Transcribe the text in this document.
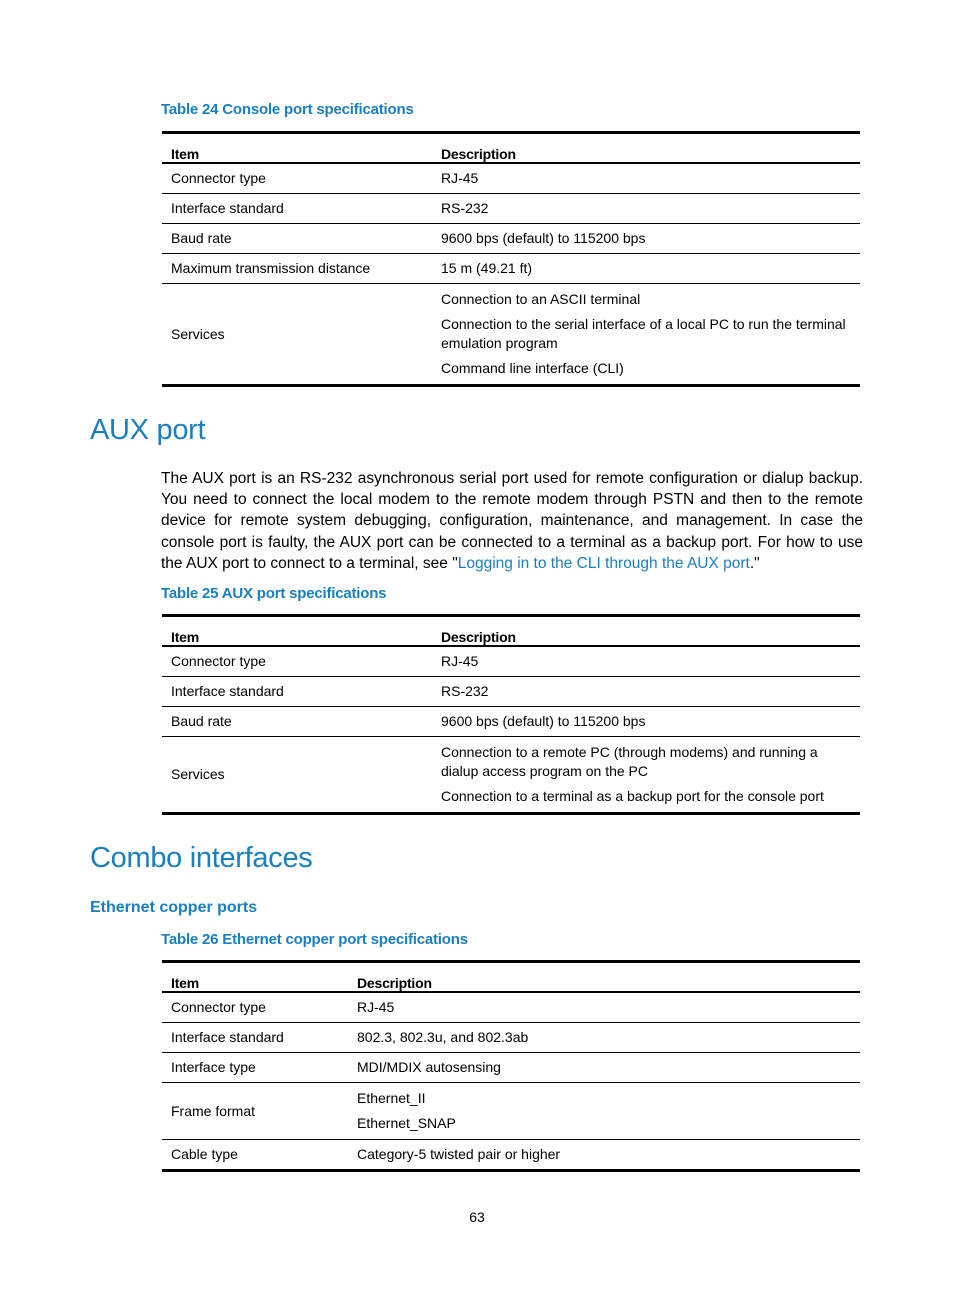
Table 24 Console port specifications
Item	Description
Connector type	RJ-45

Interface standard	RS-232

Baud rate	9600 bps (default) to 115200 bps

Maximum transmission distance	15 m (49.21 ft)

Services	Connection to an ASCII terminal
Connection to the serial interface of a local PC to run the terminal emulation program
Command line interface (CLI)
AUX port
The AUX port is an RS-232 asynchronous serial port used for remote configuration or dialup backup. You need to connect the local modem to the remote modem through PSTN and then to the remote device for remote system debugging, configuration, maintenance, and management. In case the console port is faulty, the AUX port can be connected to a terminal as a backup port. For how to use the AUX port to connect to a terminal, see "Logging in to the CLI through the AUX port."
Table 25 AUX port specifications
Item	Description
Connector type	RJ-45

Interface standard	RS-232

Baud rate	9600 bps (default) to 115200 bps

Services	Connection to a remote PC (through modems) and running a dialup access program on the PC
Connection to a terminal as a backup port for the console port
Combo interfaces
Ethernet copper ports
Table 26 Ethernet copper port specifications
Item	Description
Connector type	RJ-45

Interface standard	802.3, 802.3u, and 802.3ab

Interface type	MDI/MDIX autosensing

Frame format	Ethernet_II
Ethernet_SNAP

Cable type	Category-5 twisted pair or higher
63
